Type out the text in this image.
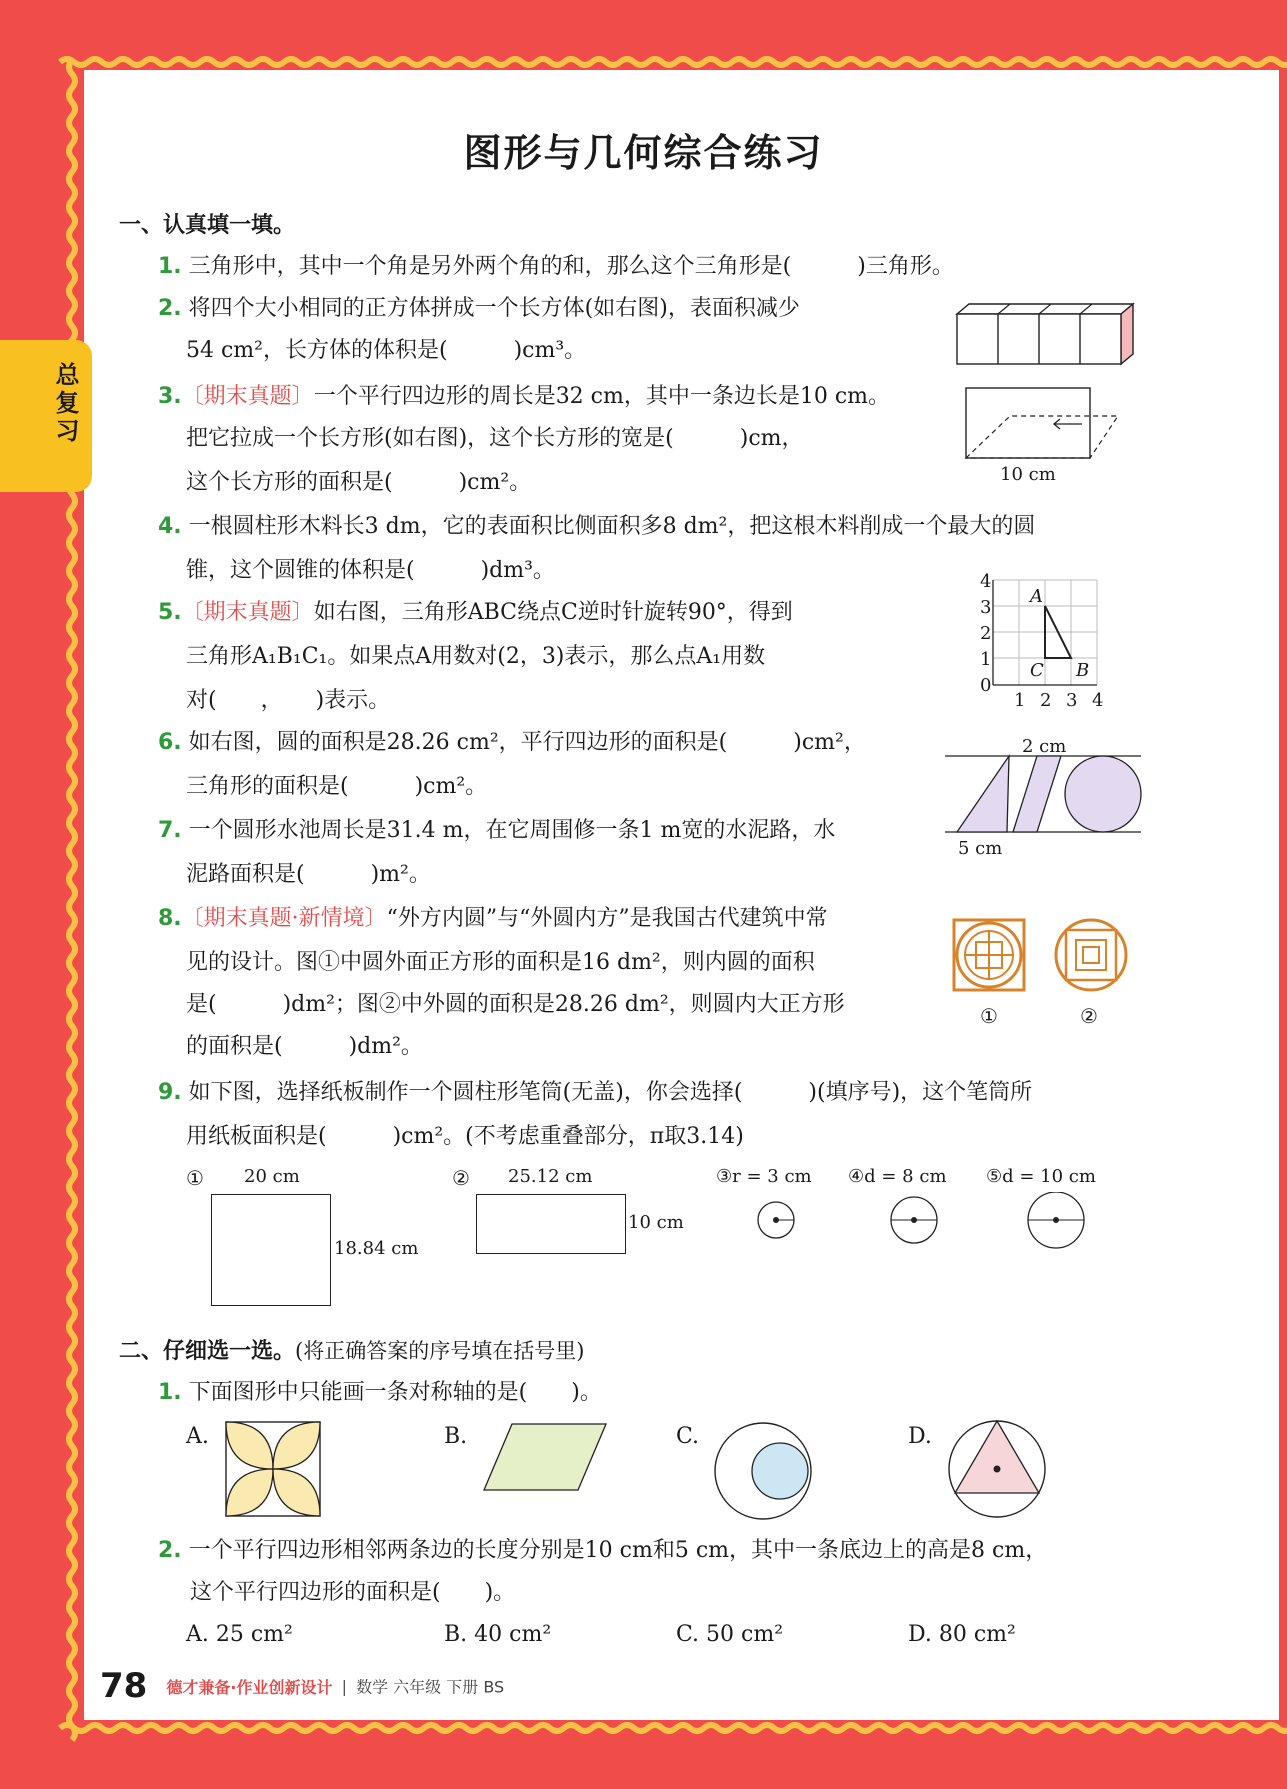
总复习
图形与几何综合练习
一、认真填一填。
1. 三角形中，其中一个角是另外两个角的和，那么这个三角形是(　　　)三角形。
2. 将四个大小相同的正方体拼成一个长方体(如右图)，表面积减少
54 cm²，长方体的体积是(　　　)cm³。
3.〔期末真题〕一个平行四边形的周长是32 cm，其中一条边长是10 cm。
把它拉成一个长方形(如右图)，这个长方形的宽是(　　　)cm，
这个长方形的面积是(　　　)cm²。	10 cm
4. 一根圆柱形木料长3 dm，它的表面积比侧面积多8 dm²，把这根木料削成一个最大的圆
锥，这个圆锥的体积是(　　　)dm³。
5.〔期末真题〕如右图，三角形ABC绕点C逆时针旋转90°，得到
三角形A₁B₁C₁。如果点A用数对(2，3)表示，那么点A₁用数
对(　　，　　)表示。
4
3
2
1
0
1 2 3 4
A
C B
6. 如右图，圆的面积是28.26 cm²，平行四边形的面积是(　　　)cm²，
三角形的面积是(　　　)cm²。
2 cm
5 cm
7. 一个圆形水池周长是31.4 m，在它周围修一条1 m宽的水泥路，水
泥路面积是(　　　)m²。
8.〔期末真题·新情境〕“外方内圆”与“外圆内方”是我国古代建筑中常
见的设计。图①中圆外面正方形的面积是16 dm²，则内圆的面积
是(　　　)dm²；图②中外圆的面积是28.26 dm²，则圆内大正方形
的面积是(　　　)dm²。
①	②
9. 如下图，选择纸板制作一个圆柱形笔筒(无盖)，你会选择(　　　)(填序号)，这个笔筒所
用纸板面积是(　　　)cm²。(不考虑重叠部分，π取3.14)
① 20 cm
18.84 cm
② 25.12 cm
10 cm
③r = 3 cm ④d = 8 cm ⑤d = 10 cm
二、仔细选一选。(将正确答案的序号填在括号里)
1. 下面图形中只能画一条对称轴的是(　　)。
A.	B.	C.	D.
2. 一个平行四边形相邻两条边的长度分别是10 cm和5 cm，其中一条底边上的高是8 cm，
这个平行四边形的面积是(　　)。
A. 25 cm²	B. 40 cm²	C. 50 cm²	D. 80 cm²
78 德才兼备·作业创新设计 | 数学 六年级 下册 BS
